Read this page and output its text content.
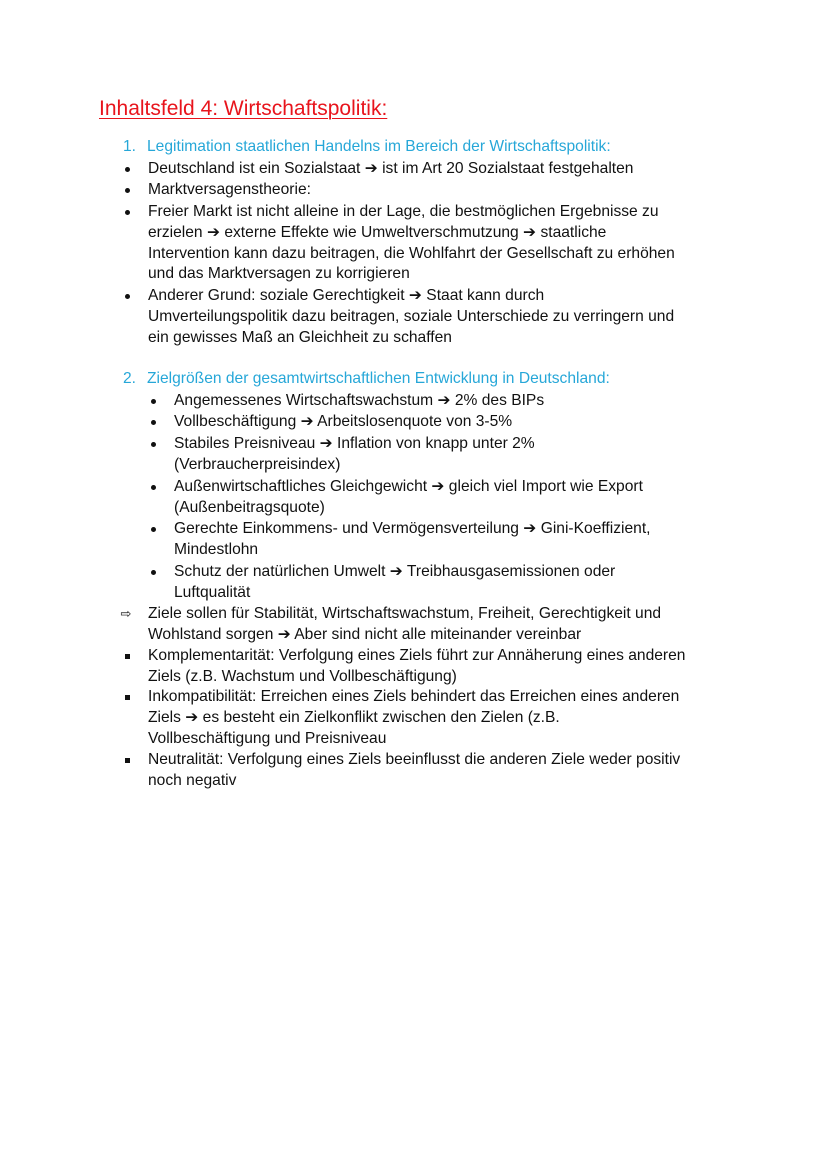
Inhaltsfeld 4: Wirtschaftspolitik:
1. Legitimation staatlichen Handelns im Bereich der Wirtschaftspolitik:
Deutschland ist ein Sozialstaat ➔ ist im Art 20 Sozialstaat festgehalten
Marktversagenstheorie:
Freier Markt ist nicht alleine in der Lage, die bestmöglichen Ergebnisse zu
erzielen ➔ externe Effekte wie Umweltverschmutzung ➔ staatliche
Intervention kann dazu beitragen, die Wohlfahrt der Gesellschaft zu erhöhen
und das Marktversagen zu korrigieren
Anderer Grund: soziale Gerechtigkeit ➔ Staat kann durch
Umverteilungspolitik dazu beitragen, soziale Unterschiede zu verringern und
ein gewisses Maß an Gleichheit zu schaffen
2. Zielgrößen der gesamtwirtschaftlichen Entwicklung in Deutschland:
Angemessenes Wirtschaftswachstum ➔ 2% des BIPs
Vollbeschäftigung ➔ Arbeitslosenquote von 3-5%
Stabiles Preisniveau ➔ Inflation von knapp unter 2%
(Verbraucherpreisindex)
Außenwirtschaftliches Gleichgewicht ➔ gleich viel Import wie Export
(Außenbeitragsquote)
Gerechte Einkommens- und Vermögensverteilung ➔ Gini-Koeffizient,
Mindestlohn
Schutz der natürlichen Umwelt ➔ Treibhausgasemissionen oder
Luftqualität
⇨ Ziele sollen für Stabilität, Wirtschaftswachstum, Freiheit, Gerechtigkeit und
Wohlstand sorgen ➔ Aber sind nicht alle miteinander vereinbar
Komplementarität: Verfolgung eines Ziels führt zur Annäherung eines anderen
Ziels (z.B. Wachstum und Vollbeschäftigung)
Inkompatibilität: Erreichen eines Ziels behindert das Erreichen eines anderen
Ziels ➔ es besteht ein Zielkonflikt zwischen den Zielen (z.B.
Vollbeschäftigung und Preisniveau
Neutralität: Verfolgung eines Ziels beeinflusst die anderen Ziele weder positiv
noch negativ
